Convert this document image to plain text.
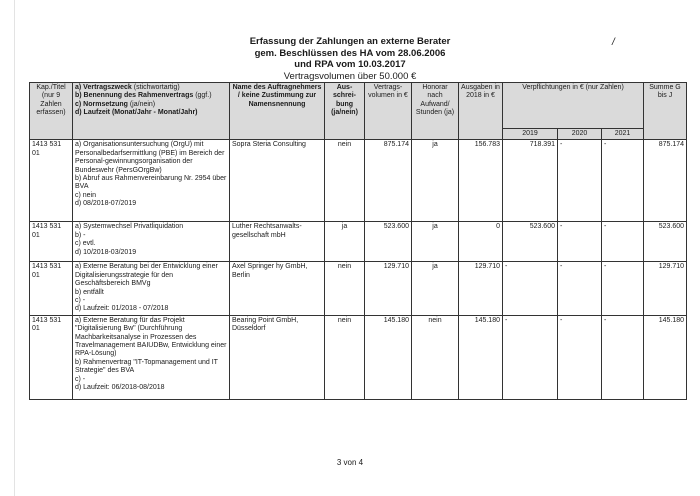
Erfassung der Zahlungen an externe Berater
gem. Beschlüssen des HA vom 28.06.2006
und RPA vom 10.03.2017
Vertragsvolumen über 50.000 €
/
Kap./Titel (nur 9 Zahlen erfassen)	a) Vertragszweck (stichwortartig)
b) Benennung des Rahmenvertrags (ggf.)
c) Normsetzung (ja/nein)
d) Laufzeit (Monat/Jahr - Monat/Jahr)	Name des Auftragnehmers / keine Zustimmung zur Namensnennung	Aus-schrei-bung (ja/nein)	Vertrags-volumen in €	Honorar nach Aufwand/ Stunden (ja)	Ausgaben in 2018 in €	Verpflichtungen in € (nur Zahlen)			Summe G bis J
							2019	2020	2021	
1413 531 01	a) Organisationsuntersuchung (OrgU) mit Personalbedarfsermittlung (PBE) im Bereich der Personal-gewinnungsorganisation der Bundeswehr (PersGOrgBw)
b) Abruf aus Rahmenvereinbarung Nr. 2954 über BVA
c) nein
d) 08/2018-07/2019	Sopra Steria Consulting	nein	875.174	ja	156.783	718.391	-	-	875.174
1413 531 01	a) Systemwechsel Privatliquidation
b) -
c) evtl.
d) 10/2018-03/2019	Luther Rechtsanwalts-gesellschaft mbH	ja	523.600	ja	0	523.600	-	-	523.600
1413 531 01	a) Externe Beratung bei der Entwicklung einer Digitalisierungsstrategie für den Geschäftsbereich BMVg
b) entfällt
c) -
d) Laufzeit: 01/2018 - 07/2018	Axel Springer hy GmbH, Berlin	nein	129.710	ja	129.710	-	-	-	129.710
1413 531 01	a) Externe Beratung für das Projekt "Digitalisierung Bw" (Durchführung Machbarkeitsanalyse in Prozessen des Travelmanagement BAIUDBw, Entwicklung einer RPA-Lösung)
b) Rahmenvertrag "IT-Topmanagement und IT Strategie" des BVA
c) -
d) Laufzeit: 06/2018-08/2018	Bearing Point GmbH, Düsseldorf	nein	145.180	nein	145.180	-	-	-	145.180
3 von 4
